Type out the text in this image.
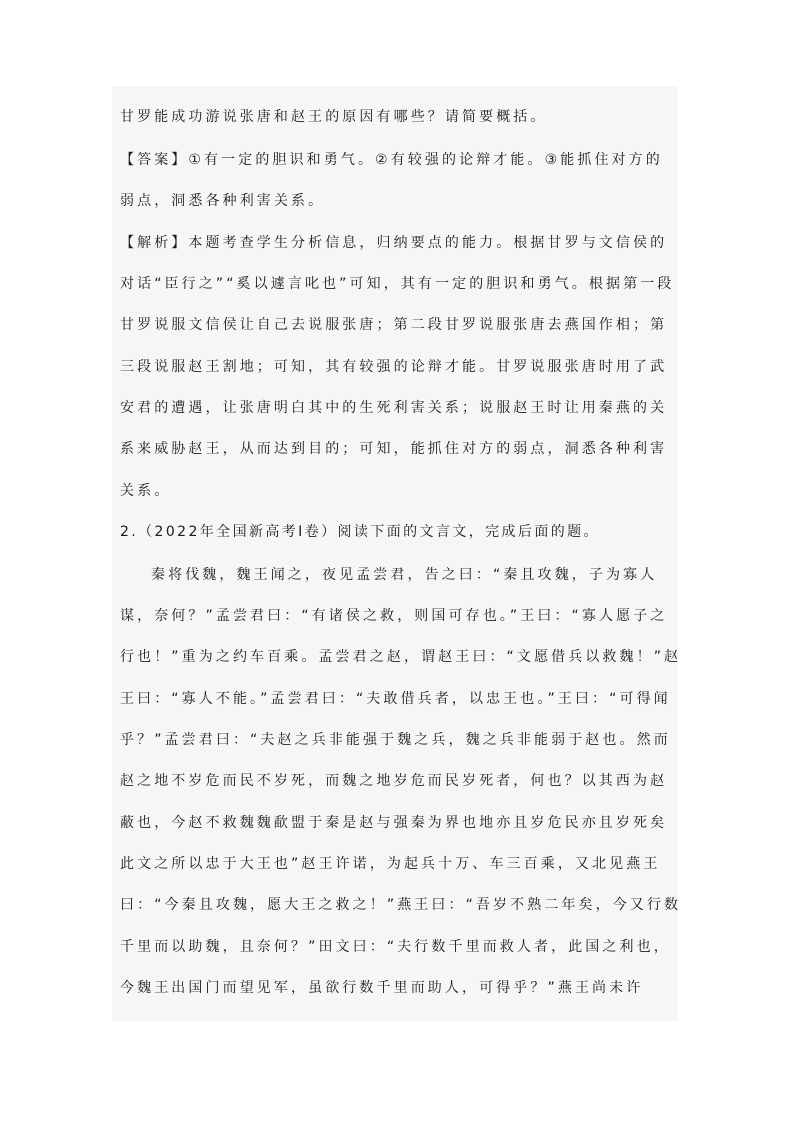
甘罗能成功游说张唐和赵王的原因有哪些？请简要概括。
【答案】①有一定的胆识和勇气。②有较强的论辩才能。③能抓住对方的
弱点，洞悉各种利害关系。
【解析】本题考查学生分析信息，归纳要点的能力。根据甘罗与文信侯的
对话“臣行之”“奚以遽言叱也”可知，其有一定的胆识和勇气。根据第一段
甘罗说服文信侯让自己去说服张唐；第二段甘罗说服张唐去燕国作相；第
三段说服赵王割地；可知，其有较强的论辩才能。甘罗说服张唐时用了武
安君的遭遇，让张唐明白其中的生死利害关系；说服赵王时让用秦燕的关
系来威胁赵王，从而达到目的；可知，能抓住对方的弱点，洞悉各种利害
关系。
2.（2022年全国新高考Ⅰ卷）阅读下面的文言文，完成后面的题。
秦将伐魏，魏王闻之，夜见孟尝君，告之曰：“秦且攻魏，子为寡人
谋，奈何？”孟尝君曰：“有诸侯之救，则国可存也。”王曰：“寡人愿子之
行也！”重为之约车百乘。孟尝君之赵，谓赵王曰：“文愿借兵以救魏！”赵
王曰：“寡人不能。”孟尝君曰：“夫敢借兵者，以忠王也。”王曰：“可得闻
乎？”孟尝君曰：“夫赵之兵非能强于魏之兵，魏之兵非能弱于赵也。然而
赵之地不岁危而民不岁死，而魏之地岁危而民岁死者，何也？以其西为赵
蔽也，今赵不救魏魏歃盟于秦是赵与强秦为界也地亦且岁危民亦且岁死矣
此文之所以忠于大王也”赵王许诺，为起兵十万、车三百乘，又北见燕王
曰：“今秦且攻魏，愿大王之救之！”燕王曰：“吾岁不熟二年矣，今又行数
千里而以助魏，且奈何？”田文曰：“夫行数千里而救人者，此国之利也，
今魏王出国门而望见军，虽欲行数千里而助人，可得乎？”燕王尚未许
